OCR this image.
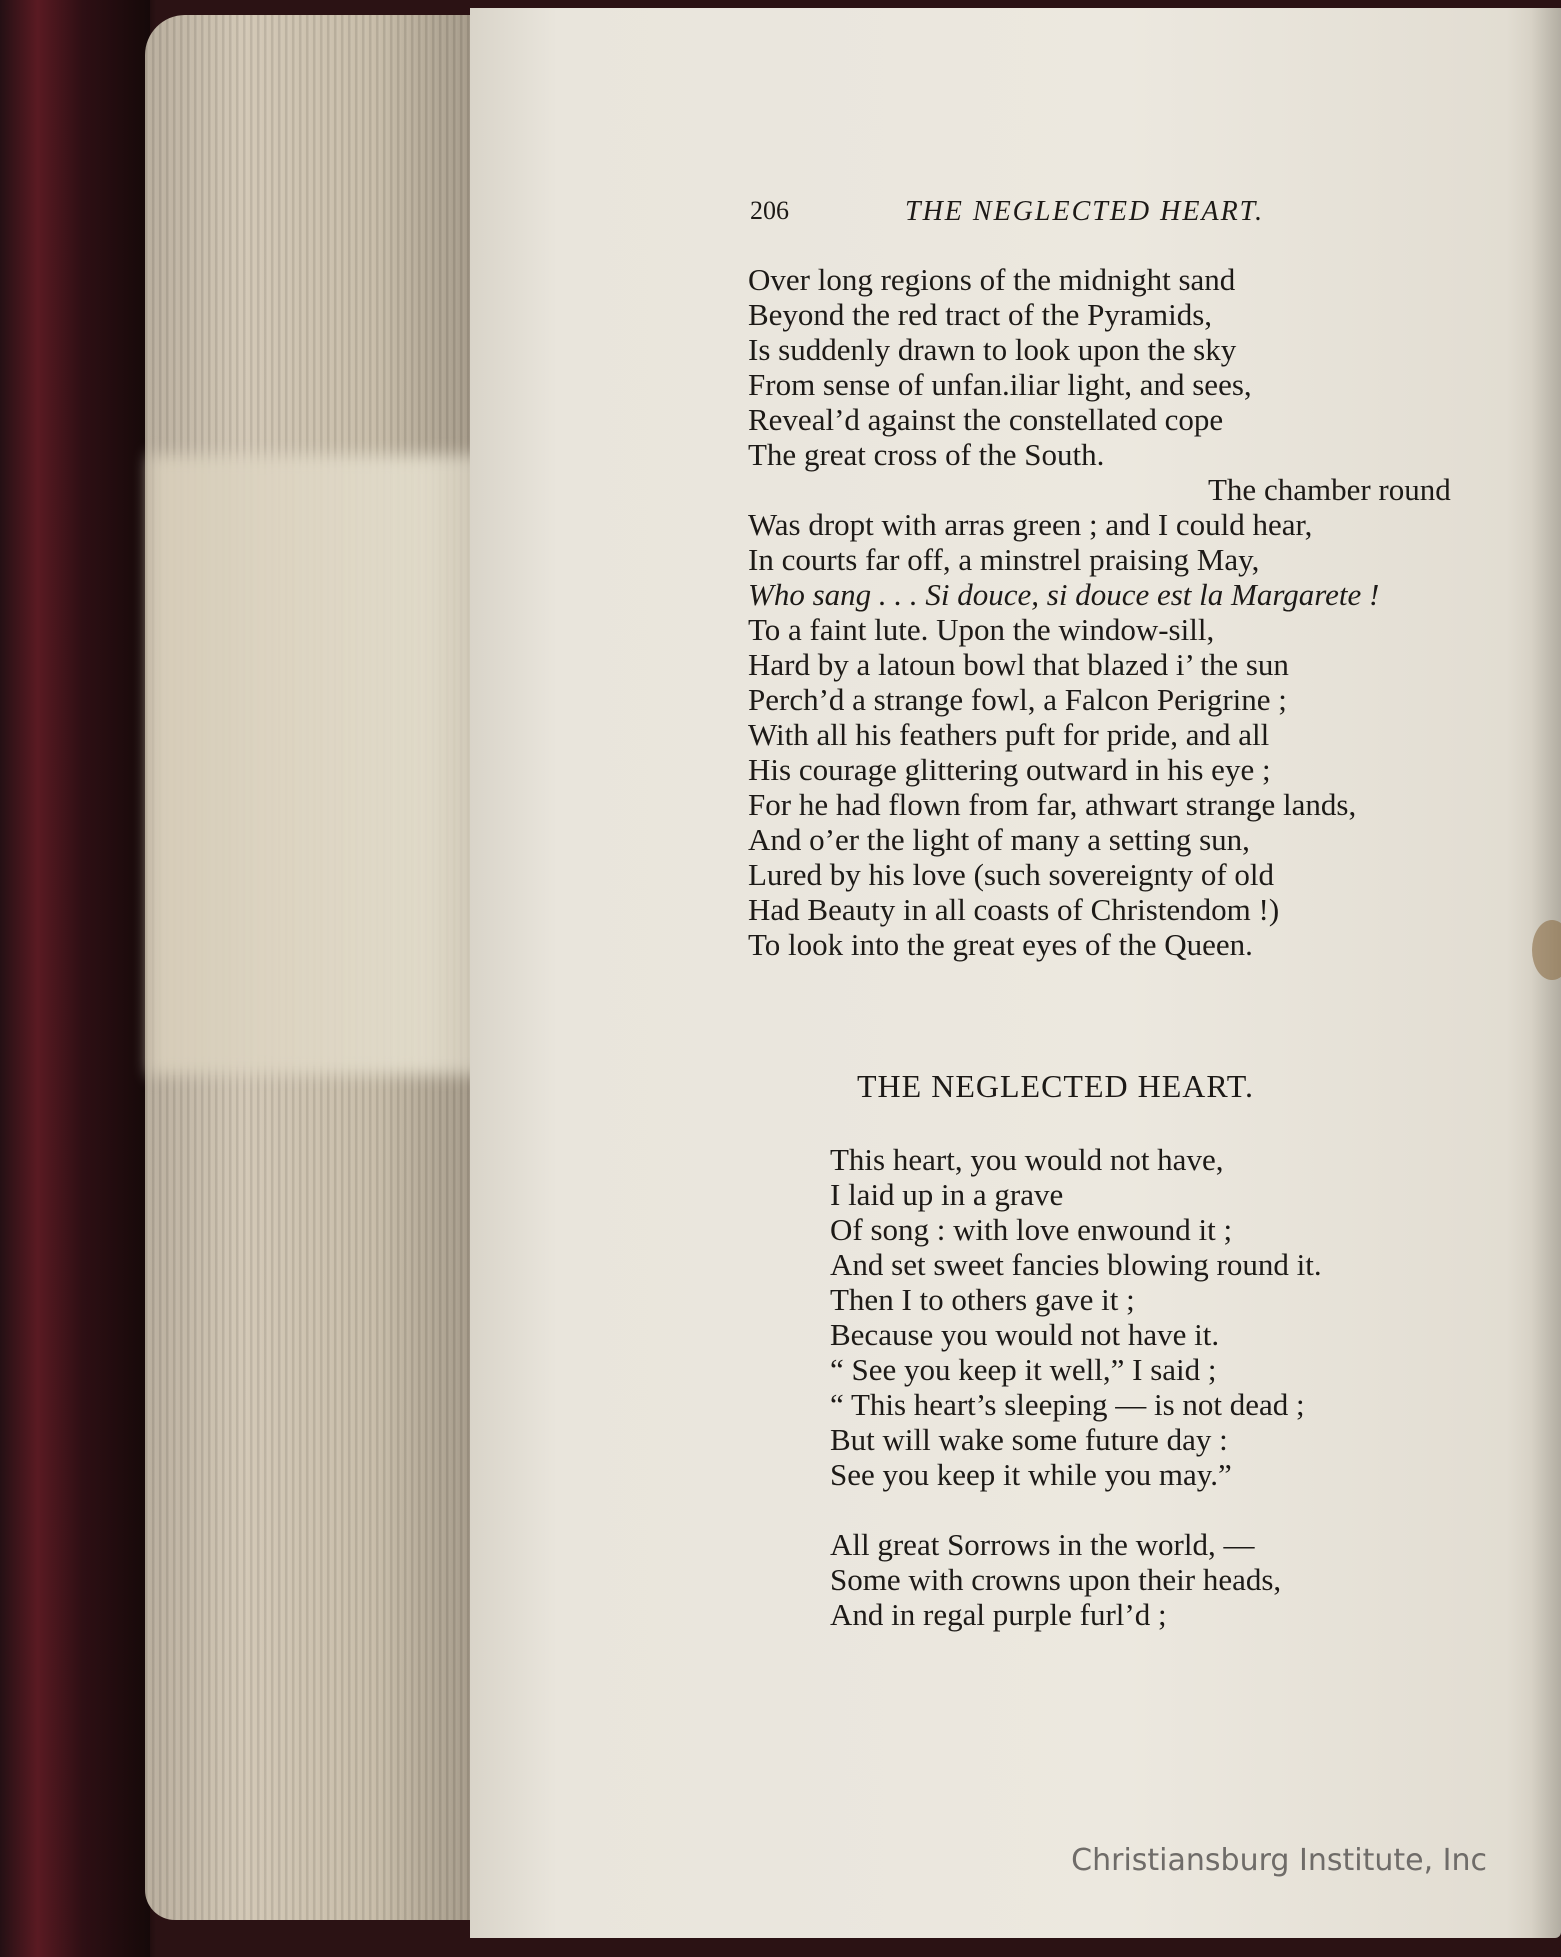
206	THE NEGLECTED HEART.
Over long regions of the midnight sand
Beyond the red tract of the Pyramids,
Is suddenly drawn to look upon the sky
From sense of unfan.iliar light, and sees,
Reveal’d against the constellated cope
The great cross of the South.
The chamber round
Was dropt with arras green ; and I could hear,
In courts far off, a minstrel praising May,
Who sang . . . Si douce, si douce est la Margarete !
To a faint lute. Upon the window-sill,
Hard by a latoun bowl that blazed i’ the sun
Perch’d a strange fowl, a Falcon Perigrine ;
With all his feathers puft for pride, and all
His courage glittering outward in his eye ;
For he had flown from far, athwart strange lands,
And o’er the light of many a setting sun,
Lured by his love (such sovereignty of old
Had Beauty in all coasts of Christendom !)
To look into the great eyes of the Queen.
THE NEGLECTED HEART.
This heart, you would not have,
I laid up in a grave
Of song : with love enwound it ;
And set sweet fancies blowing round it.
Then I to others gave it ;
Because you would not have it.
“ See you keep it well,” I said ;
“ This heart’s sleeping — is not dead ;
But will wake some future day :
See you keep it while you may.”
All great Sorrows in the world, —
Some with crowns upon their heads,
And in regal purple furl’d ;
Christiansburg Institute, Inc
